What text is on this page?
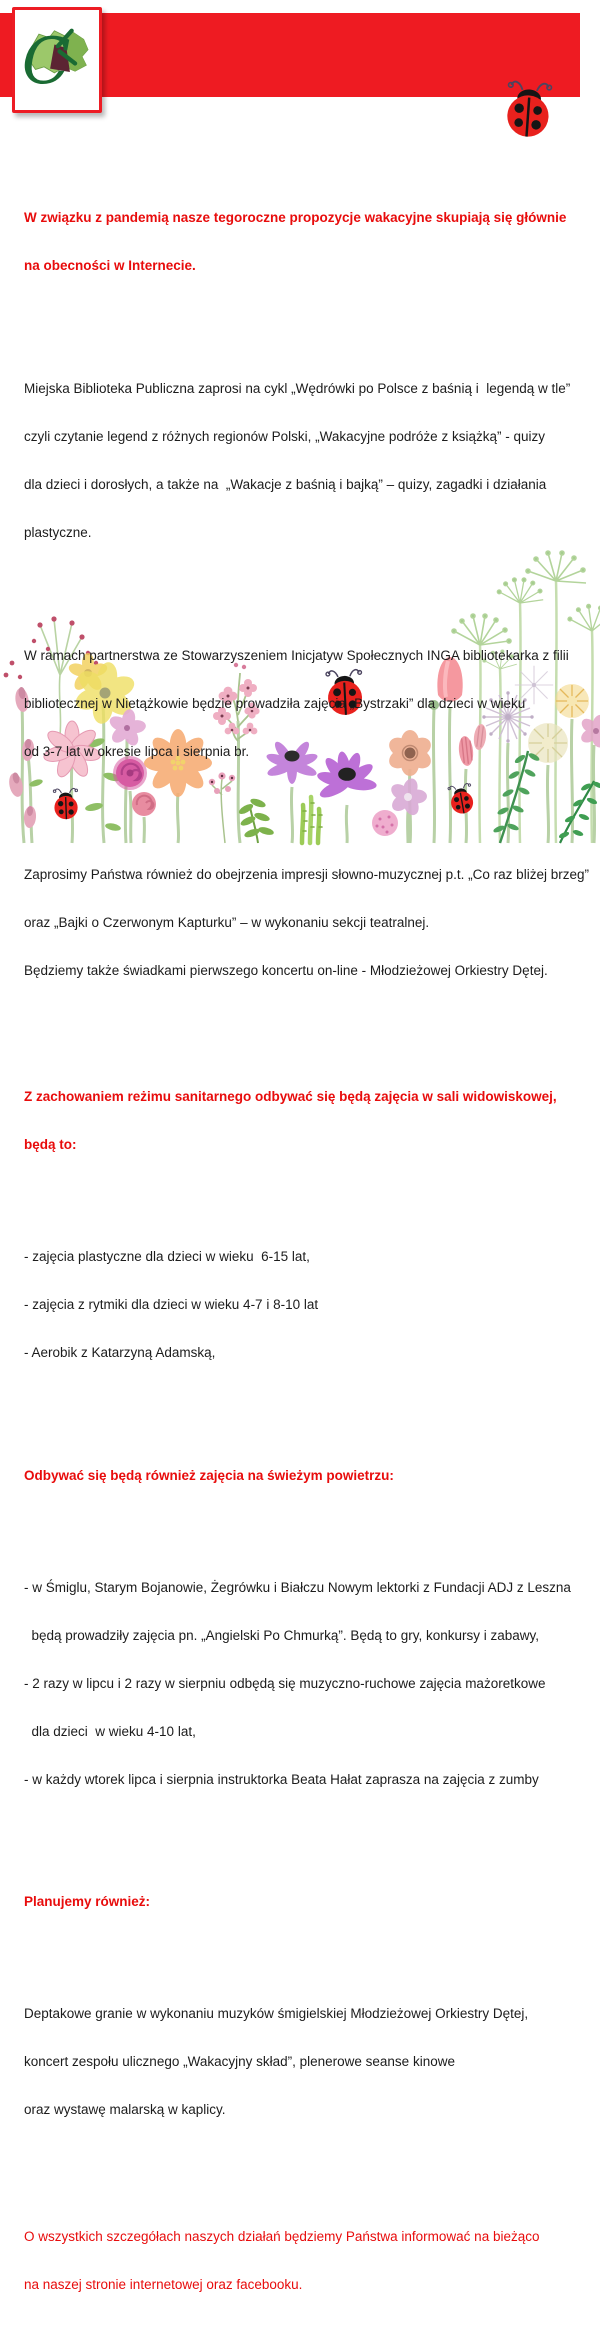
C

W związku z pandemią nasze tegoroczne propozycje wakacyjne skupiają się głównie

na obecności w Internecie.

Miejska Biblioteka Publiczna zaprosi na cykl „Wędrówki po Polsce z baśnią i  legendą w tle”

czyli czytanie legend z różnych regionów Polski, „Wakacyjne podróże z książką” - quizy

dla dzieci i dorosłych, a także na  „Wakacje z baśnią i bajką” – quizy, zagadki i działania

plastyczne.

W ramach partnerstwa ze Stowarzyszeniem Inicjatyw Społecznych INGA bibliotekarka z filii

bibliotecznej w Nietążkowie będzie prowadziła zajęcia „Bystrzaki” dla dzieci w wieku

od 3-7 lat w okresie lipca i sierpnia br.

Zaprosimy Państwa również do obejrzenia impresji słowno-muzycznej p.t. „Co raz bliżej brzeg”

oraz „Bajki o Czerwonym Kapturku” – w wykonaniu sekcji teatralnej.

Będziemy także świadkami pierwszego koncertu on-line - Młodzieżowej Orkiestry Dętej.

Z zachowaniem reżimu sanitarnego odbywać się będą zajęcia w sali widowiskowej,

będą to:

- zajęcia plastyczne dla dzieci w wieku  6-15 lat,

- zajęcia z rytmiki dla dzieci w wieku 4-7 i 8-10 lat

- Aerobik z Katarzyną Adamską,

Odbywać się będą również zajęcia na świeżym powietrzu:

- w Śmiglu, Starym Bojanowie, Żegrówku i Białczu Nowym lektorki z Fundacji ADJ z Leszna

będą prowadziły zajęcia pn. „Angielski Po Chmurką”. Będą to gry, konkursy i zabawy,

- 2 razy w lipcu i 2 razy w sierpniu odbędą się muzyczno-ruchowe zajęcia mażoretkowe

dla dzieci  w wieku 4-10 lat,

- w każdy wtorek lipca i sierpnia instruktorka Beata Hałat zaprasza na zajęcia z zumby

Planujemy również:

Deptakowe granie w wykonaniu muzyków śmigielskiej Młodzieżowej Orkiestry Dętej,

koncert zespołu ulicznego „Wakacyjny skład”, plenerowe seanse kinowe

oraz wystawę malarską w kaplicy.

O wszystkich szczegółach naszych działań będziemy Państwa informować na bieżąco

na naszej stronie internetowej oraz facebooku.
